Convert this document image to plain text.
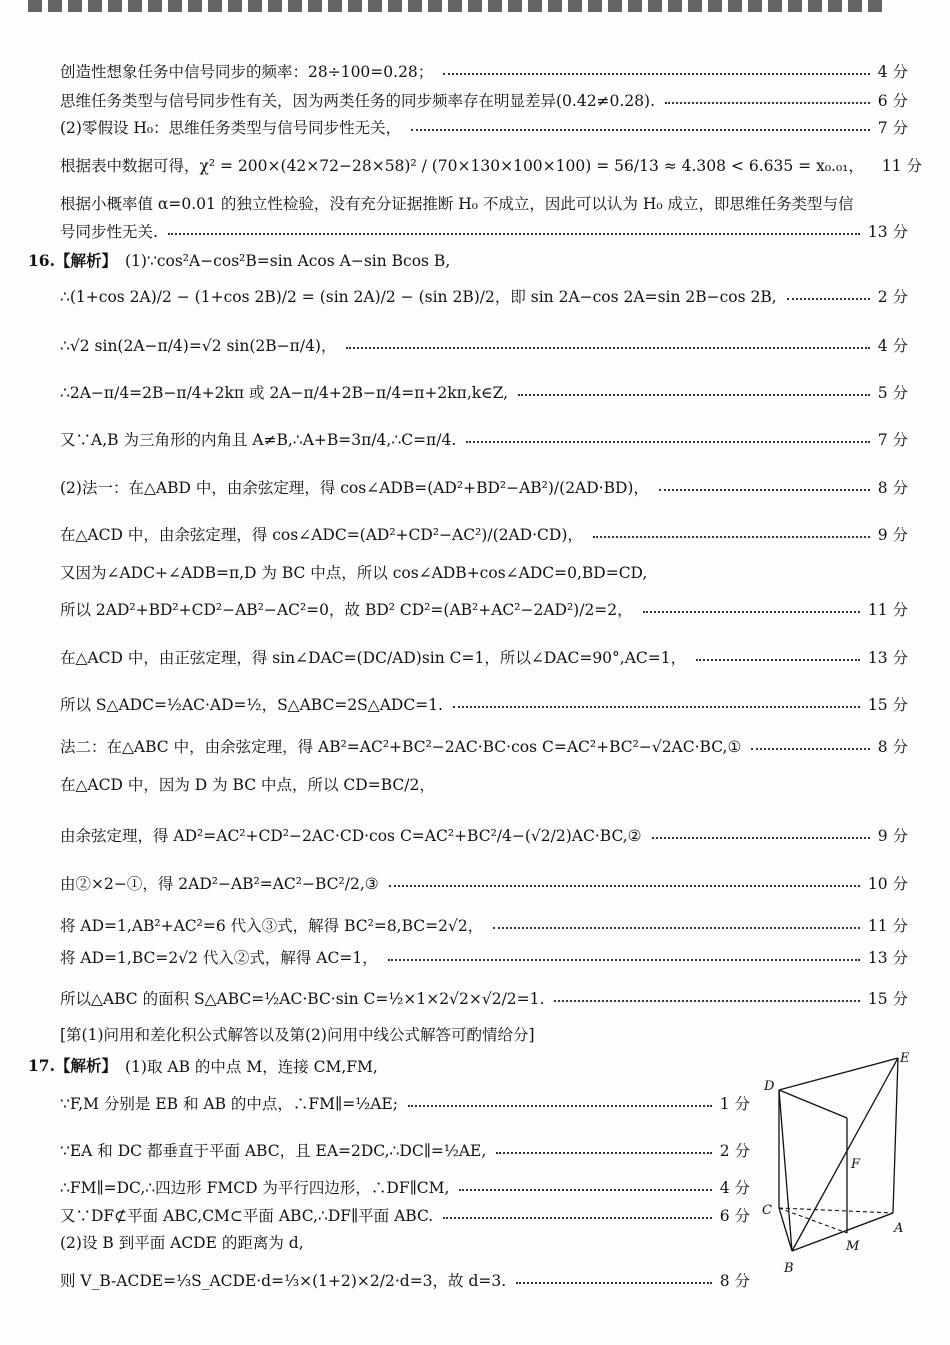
创造性想象任务中信号同步的频率：28÷100=0.28；	4 分
思维任务类型与信号同步性有关，因为两类任务的同步频率存在明显差异(0.42≠0.28).	6 分
(2)零假设 H₀：思维任务类型与信号同步性无关，	7 分
根据表中数据可得，χ² = 200×(42×72−28×58)² / (70×130×100×100) = 56/13 ≈ 4.308 < 6.635 = x₀.₀₁， 11 分
根据小概率值 α=0.01 的独立性检验，没有充分证据推断 H₀ 不成立，因此可以认为 H₀ 成立，即思维任务类型与信
号同步性无关.	13 分
16.【解析】 (1)∵cos²A−cos²B=sin Acos A−sin Bcos B,
∴(1+cos 2A)/2 − (1+cos 2B)/2 = (sin 2A)/2 − (sin 2B)/2，即 sin 2A−cos 2A=sin 2B−cos 2B,	2 分
∴√2 sin(2A−π/4)=√2 sin(2B−π/4)，	4 分
∴2A−π/4=2B−π/4+2kπ 或 2A−π/4+2B−π/4=π+2kπ,k∈Z,	5 分
又∵A,B 为三角形的内角且 A≠B,∴A+B=3π/4,∴C=π/4.	7 分
(2)法一：在△ABD 中，由余弦定理，得 cos∠ADB=(AD²+BD²−AB²)/(2AD·BD)，	8 分
在△ACD 中，由余弦定理，得 cos∠ADC=(AD²+CD²−AC²)/(2AD·CD)，	9 分
又因为∠ADC+∠ADB=π,D 为 BC 中点，所以 cos∠ADB+cos∠ADC=0,BD=CD,
所以 2AD²+BD²+CD²−AB²−AC²=0，故 BD² CD²=(AB²+AC²−2AD²)/2=2，	11 分
在△ACD 中，由正弦定理，得 sin∠DAC=(DC/AD)sin C=1，所以∠DAC=90°,AC=1，	13 分
所以 S△ADC=½AC·AD=½，S△ABC=2S△ADC=1.	15 分
法二：在△ABC 中，由余弦定理，得 AB²=AC²+BC²−2AC·BC·cos C=AC²+BC²−√2AC·BC,①	8 分
在△ACD 中，因为 D 为 BC 中点，所以 CD=BC/2，
由余弦定理，得 AD²=AC²+CD²−2AC·CD·cos C=AC²+BC²/4−(√2/2)AC·BC,②	9 分
由②×2−①，得 2AD²−AB²=AC²−BC²/2,③	10 分
将 AD=1,AB²+AC²=6 代入③式，解得 BC²=8,BC=2√2，	11 分
将 AD=1,BC=2√2 代入②式，解得 AC=1，	13 分
所以△ABC 的面积 S△ABC=½AC·BC·sin C=½×1×2√2×√2/2=1.	15 分
[第(1)问用和差化积公式解答以及第(2)问用中线公式解答可酌情给分]
17.【解析】 (1)取 AB 的中点 M，连接 CM,FM,
∵F,M 分别是 EB 和 AB 的中点，∴FM∥=½AE;	1 分
∵EA 和 DC 都垂直于平面 ABC，且 EA=2DC,∴DC∥=½AE,	2 分
∴FM∥=DC,∴四边形 FMCD 为平行四边形，∴DF∥CM,	4 分
又∵DF⊄平面 ABC,CM⊂平面 ABC,∴DF∥平面 ABC.	6 分
(2)设 B 到平面 ACDE 的距离为 d,
则 V_B-ACDE=⅓S_ACDE·d=⅓×(1+2)×2/2·d=3，故 d=3.	8 分
E
D
F
C
A
M
B
